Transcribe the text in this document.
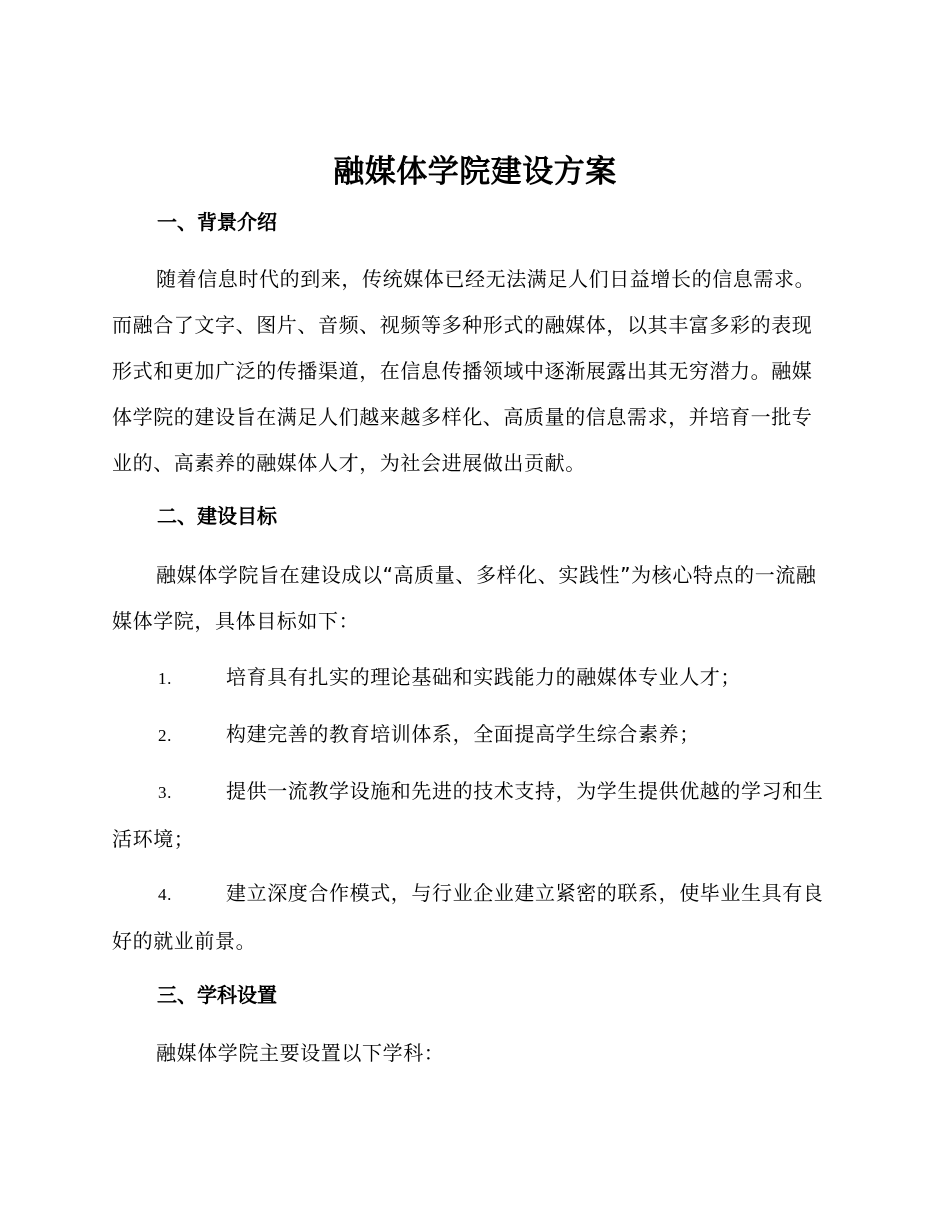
融媒体学院建设方案
一、背景介绍
随着信息时代的到来，传统媒体已经无法满足人们日益增长的信息需求。而融合了文字、图片、音频、视频等多种形式的融媒体，以其丰富多彩的表现形式和更加广泛的传播渠道，在信息传播领域中逐渐展露出其无穷潜力。融媒体学院的建设旨在满足人们越来越多样化、高质量的信息需求，并培育一批专业的、高素养的融媒体人才，为社会进展做出贡献。
二、建设目标
融媒体学院旨在建设成以“高质量、多样化、实践性”为核心特点的一流融媒体学院，具体目标如下：
1.	培育具有扎实的理论基础和实践能力的融媒体专业人才；
2.	构建完善的教育培训体系，全面提高学生综合素养；
3.	提供一流教学设施和先进的技术支持，为学生提供优越的学习和生活环境；
4.	建立深度合作模式，与行业企业建立紧密的联系，使毕业生具有良好的就业前景。
三、学科设置
融媒体学院主要设置以下学科：
